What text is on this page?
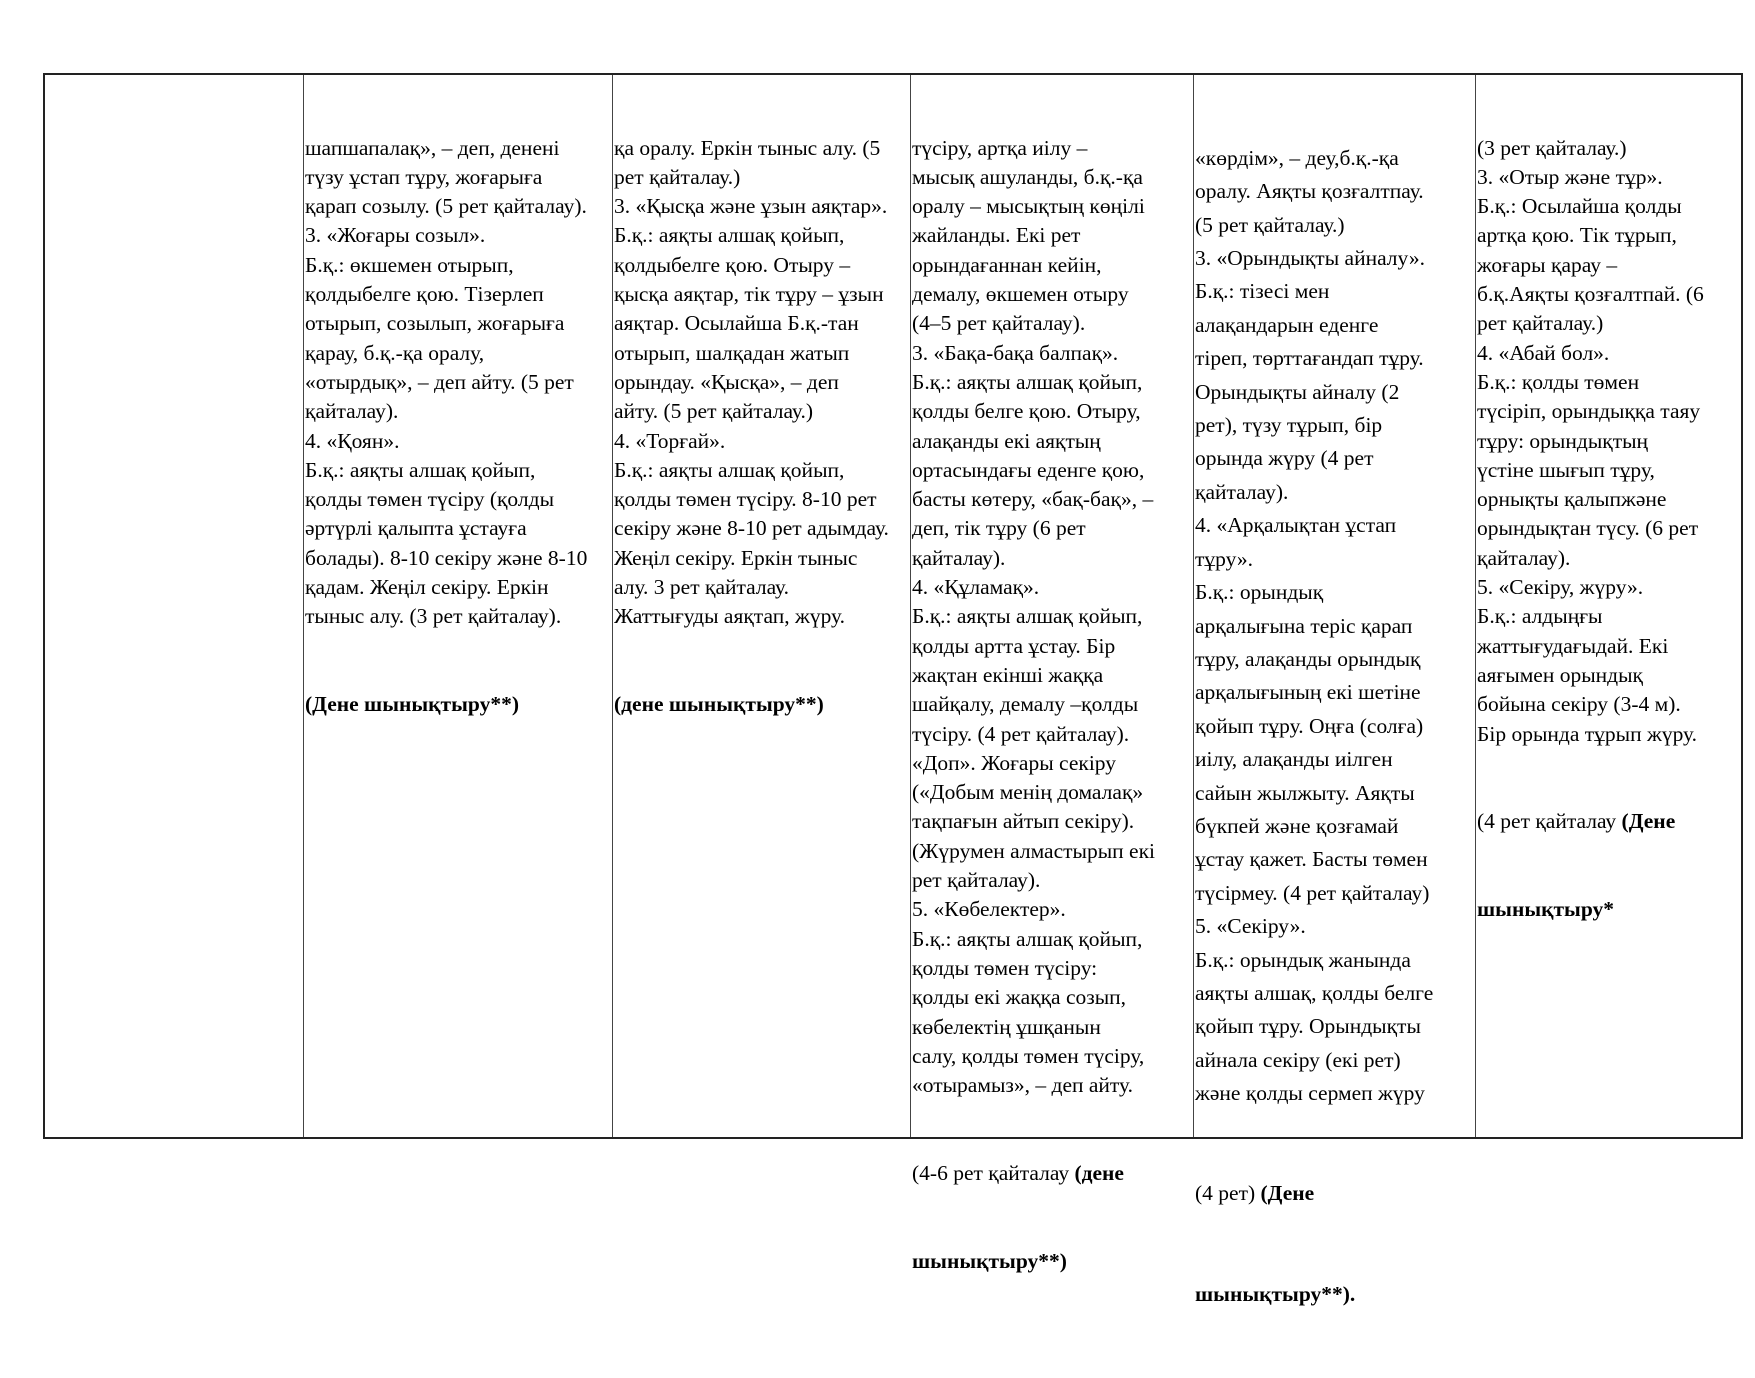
шапшапалақ», – деп, денені
түзу ұстап тұру, жоғарыға
қарап созылу. (5 рет қайталау).
3. «Жоғары созыл».
Б.қ.: өкшемен отырып,
қолдыбелге қою. Тізерлеп
отырып, созылып, жоғарыға
қарау, б.қ.-қа оралу,
«отырдық», – деп айту. (5 рет
қайталау).
4. «Қоян».
Б.қ.: аяқты алшақ қойып,
қолды төмен түсіру (қолды
әртүрлі қалыпта ұстауға
болады). 8-10 секіру және 8-10
қадам. Жеңіл секіру. Еркін
тыныс алу. (3 рет қайталау).

(Дене шынықтыру**)

қа оралу. Еркін тыныс алу. (5
рет қайталау.)
3. «Қысқа және ұзын аяқтар».
Б.қ.: аяқты алшақ қойып,
қолдыбелге қою. Отыру –
қысқа аяқтар, тік тұру – ұзын
аяқтар. Осылайша Б.қ.-тан
отырып, шалқадан жатып
орындау. «Қысқа», – деп
айту. (5 рет қайталау.)
4. «Торғай».
Б.қ.: аяқты алшақ қойып,
қолды төмен түсіру. 8-10 рет
секіру және 8-10 рет адымдау.
Жеңіл секіру. Еркін тыныс
алу. 3 рет қайталау.
Жаттығуды аяқтап, жүру.

(дене шынықтыру**)

түсіру, артқа иілу –
мысық ашуланды, б.қ.-қа
оралу – мысықтың көңілі
жайланды. Екі рет
орындағаннан кейін,
демалу, өкшемен отыру
(4–5 рет қайталау).
3. «Бақа-бақа балпақ».
Б.қ.: аяқты алшақ қойып,
қолды белге қою. Отыру,
алақанды екі аяқтың
ортасындағы еденге қою,
басты көтеру, «бақ-бақ», –
деп, тік тұру (6 рет
қайталау).
4. «Құламақ».
Б.қ.: аяқты алшақ қойып,
қолды артта ұстау. Бір
жақтан екінші жаққа
шайқалу, демалу –қолды
түсіру. (4 рет қайталау).
«Доп». Жоғары секіру
(«Добым менің домалақ»
тақпағын айтып секіру).
(Жүрумен алмастырып екі
рет қайталау).
5. «Көбелектер».
Б.қ.: аяқты алшақ қойып,
қолды төмен түсіру:
қолды екі жаққа созып,
көбелектің ұшқанын
салу, қолды төмен түсіру,
«отырамыз», – деп айту.

(4-6 рет қайталау (дене

шынықтыру**)

«көрдім», – деу,б.қ.-қа
оралу. Аяқты қозғалтпау.
(5 рет қайталау.)
3. «Орындықты айналу».
Б.қ.: тізесі мен
алақандарын еденге
тіреп, төрттағандап тұру.
Орындықты айналу (2
рет), түзу тұрып, бір
орында жүру (4 рет
қайталау).
4. «Арқалықтан ұстап
тұру».
Б.қ.: орындық
арқалығына теріс қарап
тұру, алақанды орындық
арқалығының екі шетіне
қойып тұру. Оңға (солға)
иілу, алақанды иілген
сайын жылжыту. Аяқты
бүкпей және қозғамай
ұстау қажет. Басты төмен
түсірмеу. (4 рет қайталау)
5. «Секіру».
Б.қ.: орындық жанында
аяқты алшақ, қолды белге
қойып тұру. Орындықты
айнала секіру (екі рет)
және қолды сермеп жүру

(4 рет) (Дене

шынықтыру**).

(3 рет қайталау.)
3. «Отыр және тұр».
Б.қ.: Осылайша қолды
артқа қою. Тік тұрып,
жоғары қарау –
б.қ.Аяқты қозғалтпай. (6
рет қайталау.)
4. «Абай бол».
Б.қ.: қолды төмен
түсіріп, орындыққа таяу
тұру: орындықтың
үстіне шығып тұру,
орнықты қалыпжәне
орындықтан түсу. (6 рет
қайталау).
5. «Секіру, жүру».
Б.қ.: алдыңғы
жаттығудағыдай. Екі
аяғымен орындық
бойына секіру (3-4 м).
Бір орында тұрып жүру.

(4 рет қайталау (Дене

шынықтыру*
